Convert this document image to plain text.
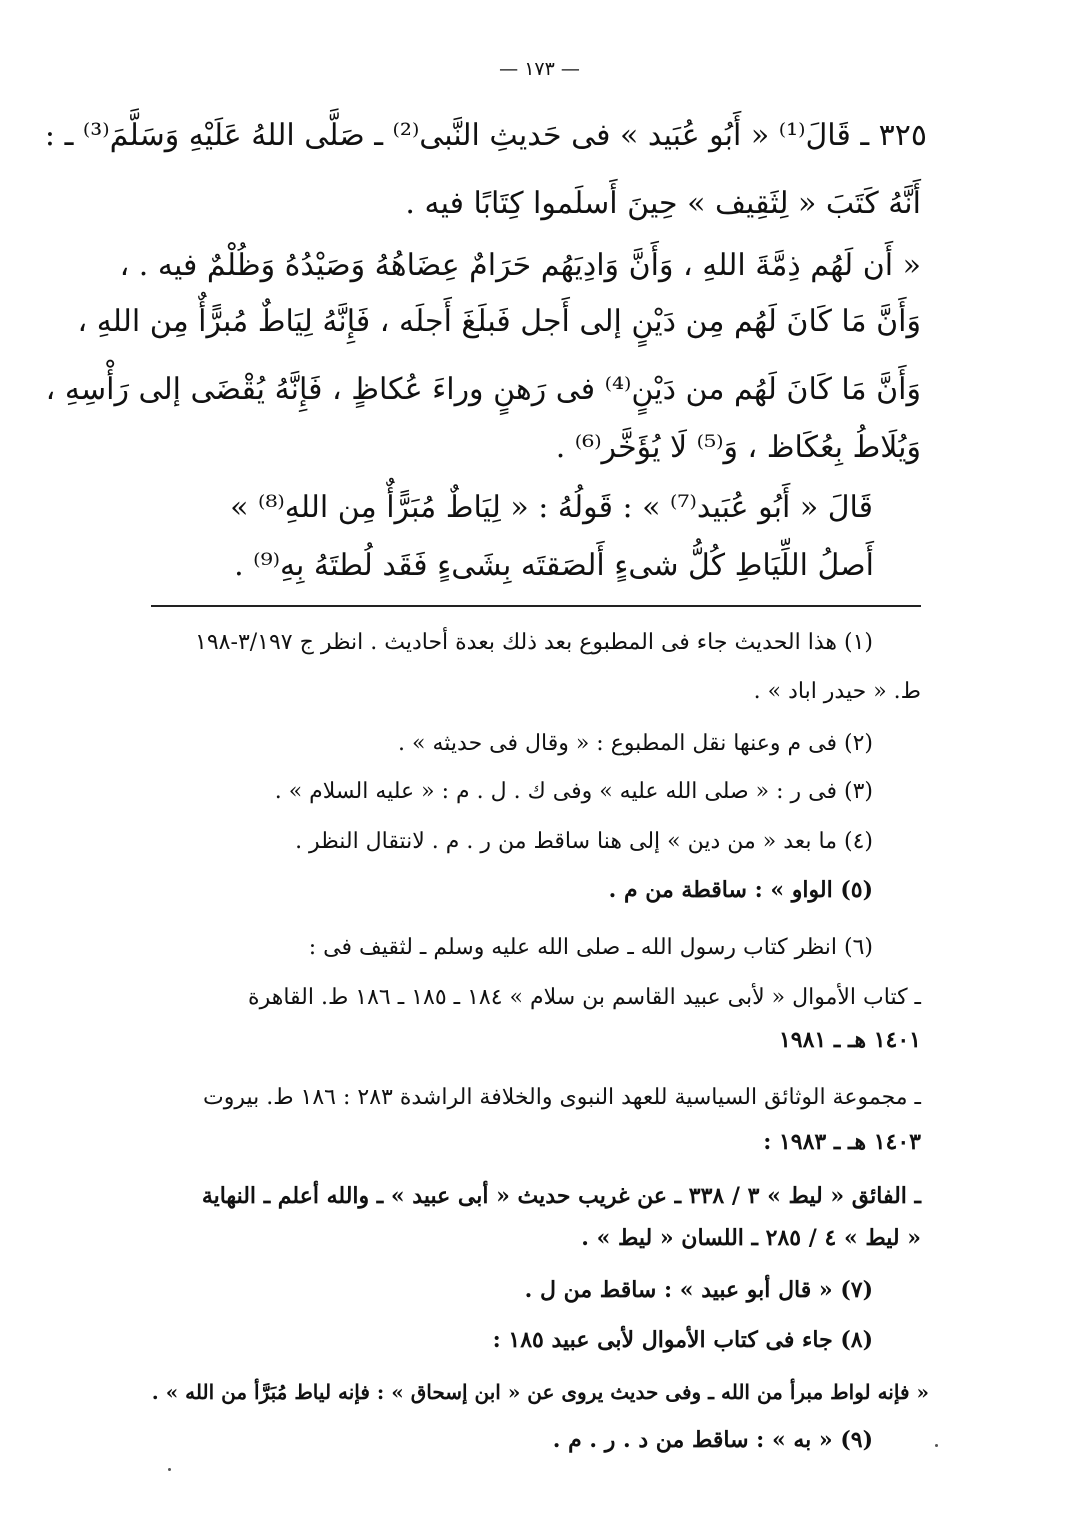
— ١٧٣ —
٣٢٥ ـ قَالَ⁽¹⁾ « أَبُو عُبَيد » فى حَديثِ النَّبى⁽²⁾ ـ صَلَّى اللهُ عَلَيْهِ وَسَلَّمَ⁽³⁾ ـ :
أَنَّهُ كَتَبَ « لِثَقِيف » حِينَ أَسلَموا كِتَابًا فيه .
« أَن لَهُم ذِمَّةَ اللهِ ، وَأَنَّ وَادِيَهُم حَرَامٌ عِضَاهُهُ وَصَيْدُهُ وَظُلْمٌ فيه . ،
وَأَنَّ مَا كَانَ لَهُم مِن دَيْنٍ إلى أَجل فَبلَغَ أَجلَه ، فَإِنَّهُ لِيَاطٌ مُبرًّأٌ مِن اللهِ ،
وَأَنَّ مَا كَانَ لَهُم من دَيْنٍ⁽⁴⁾ فى رَهنٍ وراءَ عُكاظٍ ، فَإِنَّهُ يُقْضَى إلى رَأْسِهِ ،
وَيُلَاطُ بِعُكَاظ ، وَ⁽⁵⁾ لَا يُؤَخَّر⁽⁶⁾ .
قَالَ « أَبُو عُبَيد⁽⁷⁾ » : قَولُهُ : « لِيَاطٌ مُبَرًّأٌ مِن اللهِ⁽⁸⁾ »
أَصلُ اللِّيَاطِ كُلُّ شىءٍ أَلصَقتَه بِشَىءٍ فَقَد لُطتَهُ بِهِ⁽⁹⁾ .
(١) هذا الحديث جاء فى المطبوع بعد ذلك بعدة أحاديث . انظر ج ٣/١٩٧-١٩٨
ط. « حيدر اباد » .
(٢) فى م وعنها نقل المطبوع : « وقال فى حديثه » .
(٣) فى ر : « صلى الله عليه » وفى ك . ل . م : « عليه السلام » .
(٤) ما بعد « من دين » إلى هنا ساقط من ر . م . لانتقال النظر .
(٥) الواو » : ساقطة من م .
(٦) انظر كتاب رسول الله ـ صلى الله عليه وسلم ـ لثقيف فى :
ـ كتاب الأموال « لأبى عبيد القاسم بن سلام » ١٨٤ ـ ١٨٥ ـ ١٨٦ ط. القاهرة
١٤٠١ هـ ـ ١٩٨١
ـ مجموعة الوثائق السياسية للعهد النبوى والخلافة الراشدة ٢٨٣ : ١٨٦ ط. بيروت
١٤٠٣ هـ ـ ١٩٨٣ :
ـ الفائق « ليط » ٣ / ٣٣٨ ـ عن غريب حديث « أبى عبيد » ـ والله أعلم ـ النهاية
« ليط » ٤ / ٢٨٥ ـ اللسان « ليط » .
(٧) « قال أبو عبيد » : ساقط من ل .
(٨) جاء فى كتاب الأموال لأبى عبيد ١٨٥ :
« فإنه لواط مبرأ من الله ـ وفى حديث يروى عن « ابن إسحاق » : فإنه لياط مُبَرَّأ من الله » .
(٩) « به » : ساقط من د . ر . م .
